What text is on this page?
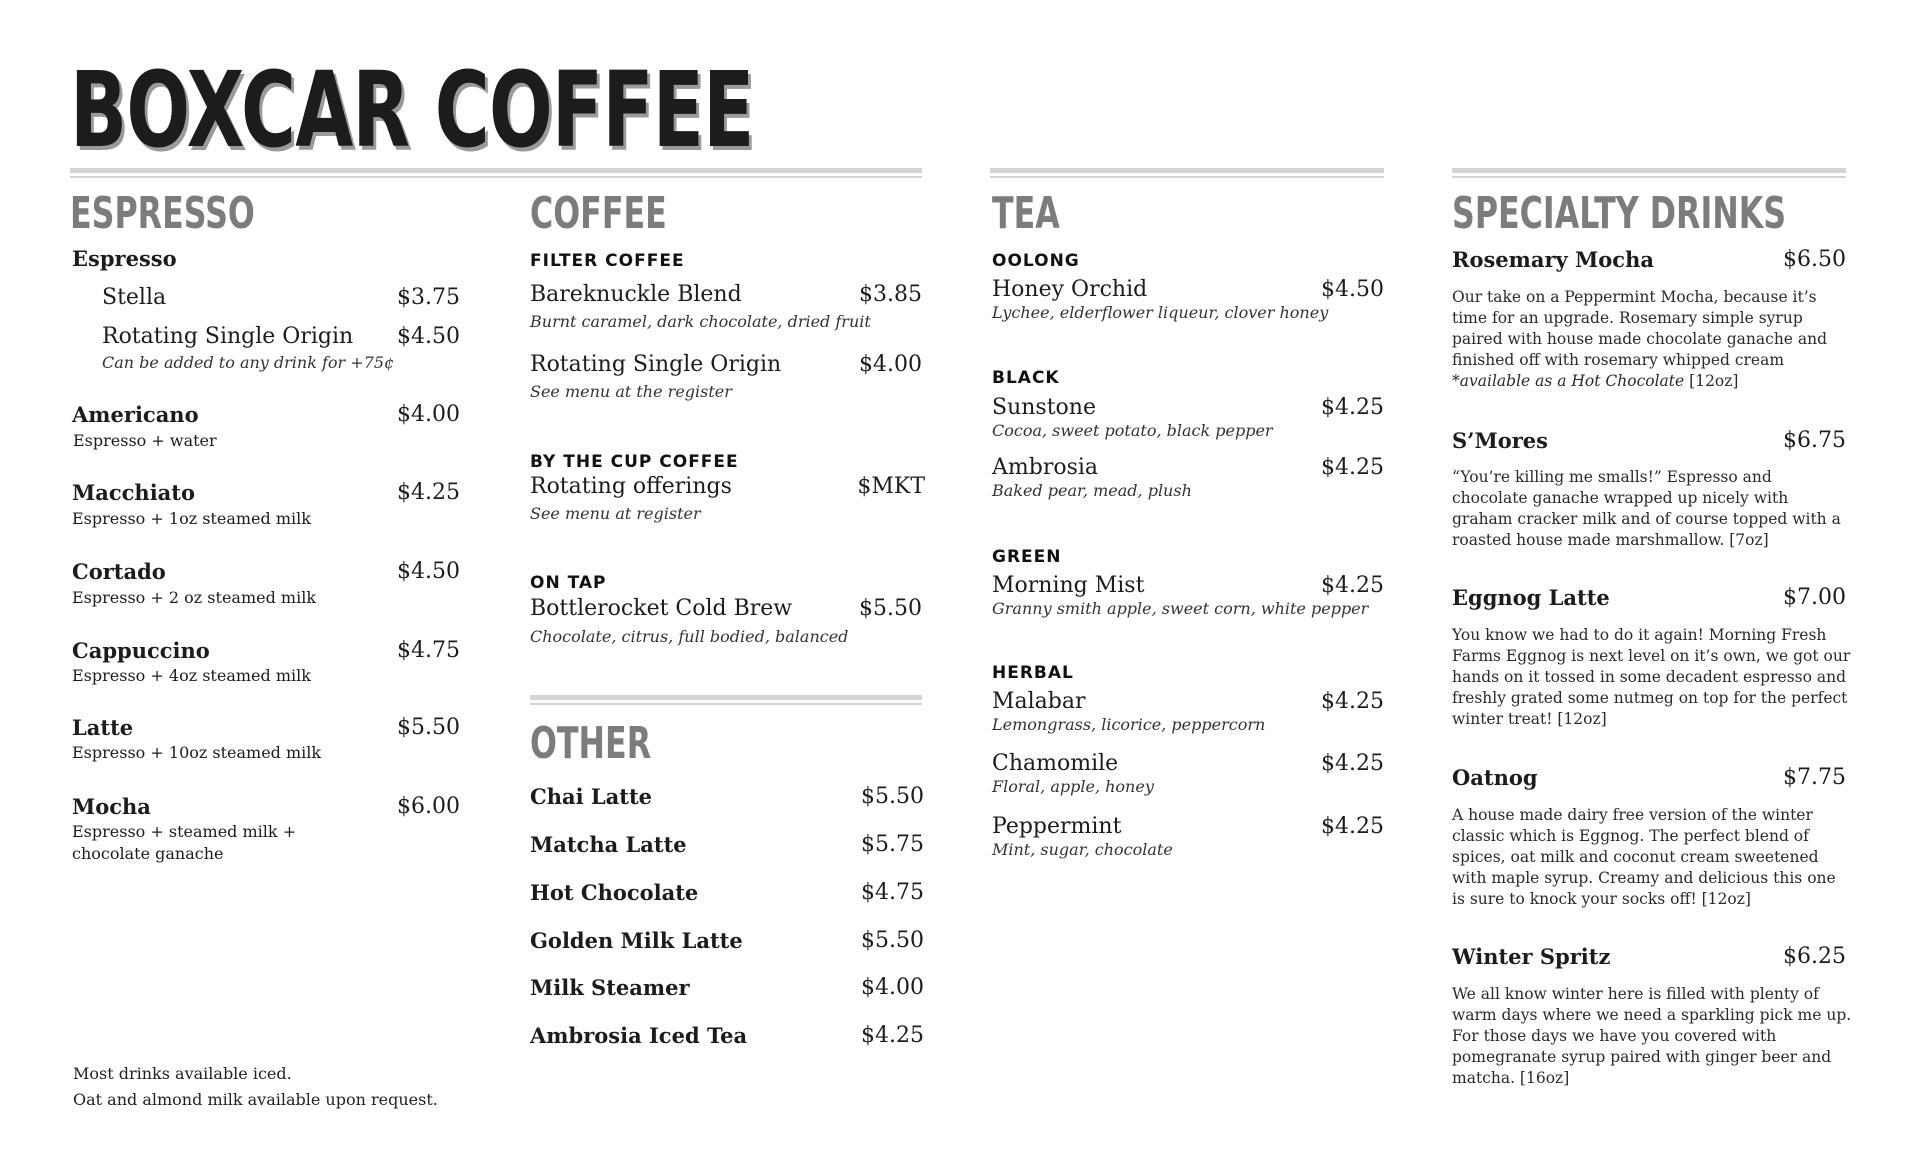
BOXCAR COFFEE
ESPRESSO
Espresso
Stella	$3.75
Rotating Single Origin $4.50
Can be added to any drink for +75¢
Americano	$4.00
Espresso + water
Macchiato	$4.25
Espresso + 1oz steamed milk
Cortado	$4.50
Espresso + 2 oz steamed milk
Cappuccino	$4.75
Espresso + 4oz steamed milk
Latte	$5.50
Espresso + 10oz steamed milk
Mocha	$6.00
Espresso + steamed milk +
chocolate ganache
Most drinks available iced.
Oat and almond milk available upon request.
COFFEE
FILTER COFFEE
Bareknuckle Blend	$3.85
Burnt caramel, dark chocolate, dried fruit
Rotating Single Origin	$4.00
See menu at the register
BY THE CUP COFFEE
Rotating offerings	$MKT
See menu at register
ON TAP
Bottlerocket Cold Brew	$5.50
Chocolate, citrus, full bodied, balanced
OTHER
Chai Latte	$5.50
Matcha Latte	$5.75
Hot Chocolate	$4.75
Golden Milk Latte	$5.50
Milk Steamer	$4.00
Ambrosia Iced Tea	$4.25
TEA
OOLONG
Honey Orchid	$4.50
Lychee, elderflower liqueur, clover honey
BLACK
Sunstone	$4.25
Cocoa, sweet potato, black pepper
Ambrosia	$4.25
Baked pear, mead, plush
GREEN
Morning Mist	$4.25
Granny smith apple, sweet corn, white pepper
HERBAL
Malabar	$4.25
Lemongrass, licorice, peppercorn
Chamomile	$4.25
Floral, apple, honey
Peppermint	$4.25
Mint, sugar, chocolate
SPECIALTY DRINKS
Rosemary Mocha	$6.50
Our take on a Peppermint Mocha, because it’s time for an upgrade. Rosemary simple syrup paired with house made chocolate ganache and finished off with rosemary whipped cream *available as a Hot Chocolate [12oz]
S’Mores	$6.75
“You’re killing me smalls!” Espresso and chocolate ganache wrapped up nicely with graham cracker milk and of course topped with a roasted house made marshmallow. [7oz]
Eggnog Latte	$7.00
You know we had to do it again! Morning Fresh Farms Eggnog is next level on it’s own, we got our hands on it tossed in some decadent espresso and freshly grated some nutmeg on top for the perfect winter treat! [12oz]
Oatnog	$7.75
A house made dairy free version of the winter classic which is Eggnog. The perfect blend of spices, oat milk and coconut cream sweetened with maple syrup. Creamy and delicious this one is sure to knock your socks off! [12oz]
Winter Spritz	$6.25
We all know winter here is filled with plenty of warm days where we need a sparkling pick me up. For those days we have you covered with pomegranate syrup paired with ginger beer and matcha. [16oz]
